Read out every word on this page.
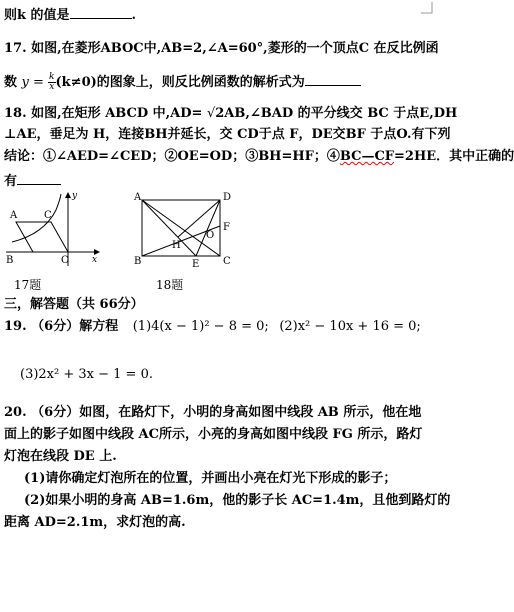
则k 的值是	.
17. 如图,在菱形ABOC中,AB=2,∠A=60°,菱形的一个顶点C 在反比例函
数 $y = \frac{k}{x} (k\ne 0)$的图象上，则反比例函数的解析式为
18. 如图,在矩形 ABCD 中,AD= √2AB,∠BAD 的平分线交 BC 于点E,DH
⊥AE，垂足为 H，连接BH并延长，交 CD于点 F，DE交BF 于点O.有下列
结论：①∠AED=∠CED；②OE=OD；③BH=HF；④BC—CF=2HE．其中正确的
有
A	C
B	O	x
y
17题
A	D
B	C
E
F
H
O
18题
三，解答题（共 66分）
19. （6分）解方程 (1)4(x − 1)² − 8 = 0; (2)x² − 10x + 16 = 0;
(3)2x² + 3x − 1 = 0.
20. （6分）如图，在路灯下，小明的身高如图中线段 AB 所示，他在地
面上的影子如图中线段 AC所示，小亮的身高如图中线段 FG 所示，路灯
灯泡在线段 DE 上.
(1)请你确定灯泡所在的位置，并画出小亮在灯光下形成的影子；
(2)如果小明的身高 AB=1.6m，他的影子长 AC=1.4m，且他到路灯的
距离 AD=2.1m，求灯泡的高.
